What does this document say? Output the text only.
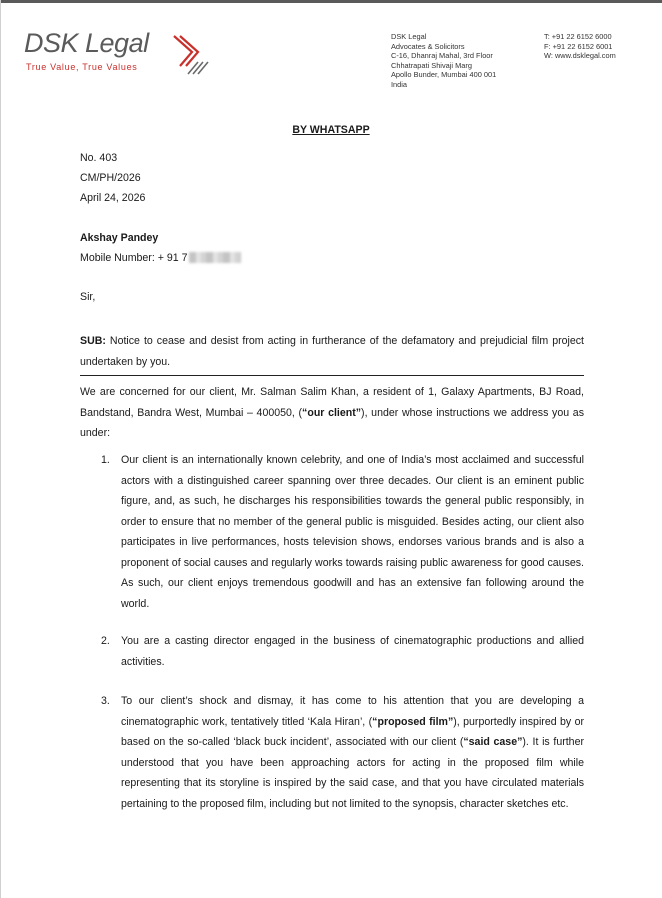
DSK Legal
True Value, True Values
DSK Legal
Advocates & Solicitors
C-16, Dhanraj Mahal, 3rd Floor
Chhatrapati Shivaji Marg
Apollo Bunder, Mumbai 400 001
India
T: +91 22 6152 6000
F: +91 22 6152 6001
W: www.dsklegal.com
BY WHATSAPP
No. 403
CM/PH/2026
April 24, 2026
Akshay Pandey
Mobile Number: + 91 7
Sir,
SUB: Notice to cease and desist from acting in furtherance of the defamatory and prejudicial film project undertaken by you.
We are concerned for our client, Mr. Salman Salim Khan, a resident of 1, Galaxy Apartments, BJ Road, Bandstand, Bandra West, Mumbai – 400050, (“our client”), under whose instructions we address you as under:
1.	Our client is an internationally known celebrity, and one of India’s most acclaimed and successful actors with a distinguished career spanning over three decades. Our client is an eminent public figure, and, as such, he discharges his responsibilities towards the general public responsibly, in order to ensure that no member of the general public is misguided. Besides acting, our client also participates in live performances, hosts television shows, endorses various brands and is also a proponent of social causes and regularly works towards raising public awareness for good causes. As such, our client enjoys tremendous goodwill and has an extensive fan following around the world.
2.	You are a casting director engaged in the business of cinematographic productions and allied activities.
3.	To our client’s shock and dismay, it has come to his attention that you are developing a cinematographic work, tentatively titled ‘Kala Hiran’, (“proposed film”), purportedly inspired by or based on the so-called ‘black buck incident’, associated with our client (“said case”). It is further understood that you have been approaching actors for acting in the proposed film while representing that its storyline is inspired by the said case, and that you have circulated materials pertaining to the proposed film, including but not limited to the synopsis, character sketches etc.
